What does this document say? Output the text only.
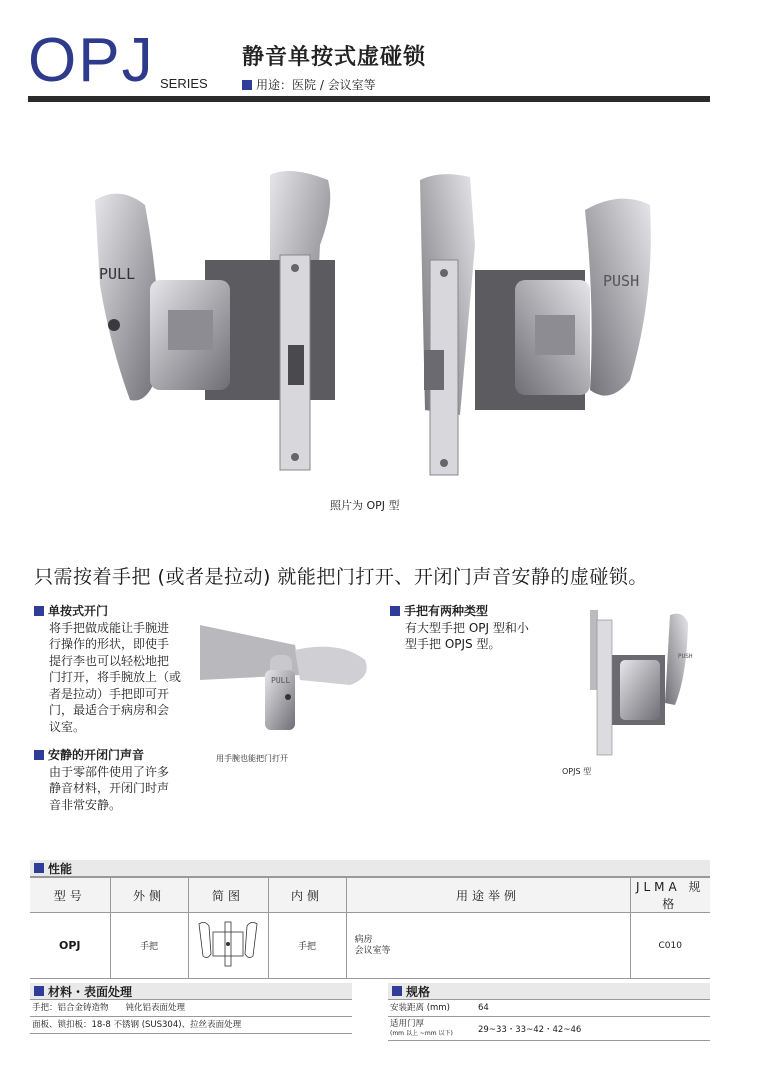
OPJ SERIES
静音单按式虚碰锁
用途：医院 / 会议室等
PULL	PUSH
照片为 OPJ 型
只需按着手把 (或者是拉动) 就能把门打开、开闭门声音安静的虚碰锁。
单按式开门
将手把做成能让手腕进
行操作的形状，即使手
提行李也可以轻松地把
门打开，将手腕放上（或
者是拉动）手把即可开
门，最适合于病房和会
议室。
PULL
用手腕也能把门打开
安静的开闭门声音
由于零部件使用了许多
静音材料，开闭门时声
音非常安静。
手把有两种类型
有大型手把 OPJ 型和小
型手把 OPJS 型。
PUSH
OPJS 型
性能
型号	外侧	简图	内侧	用途举例	JLMA 规格
OPJ	手把		手把	病房
会议室等	C010
材料・表面处理
手把：铝合金铸造物　　钝化铝表面处理
面板、锁扣板：18-8 不锈钢 (SUS304)、拉丝表面处理
规格
安装距离 (mm)	64
适用门厚
(mm 以上 ~mm 以下)	29~33・33~42・42~46
